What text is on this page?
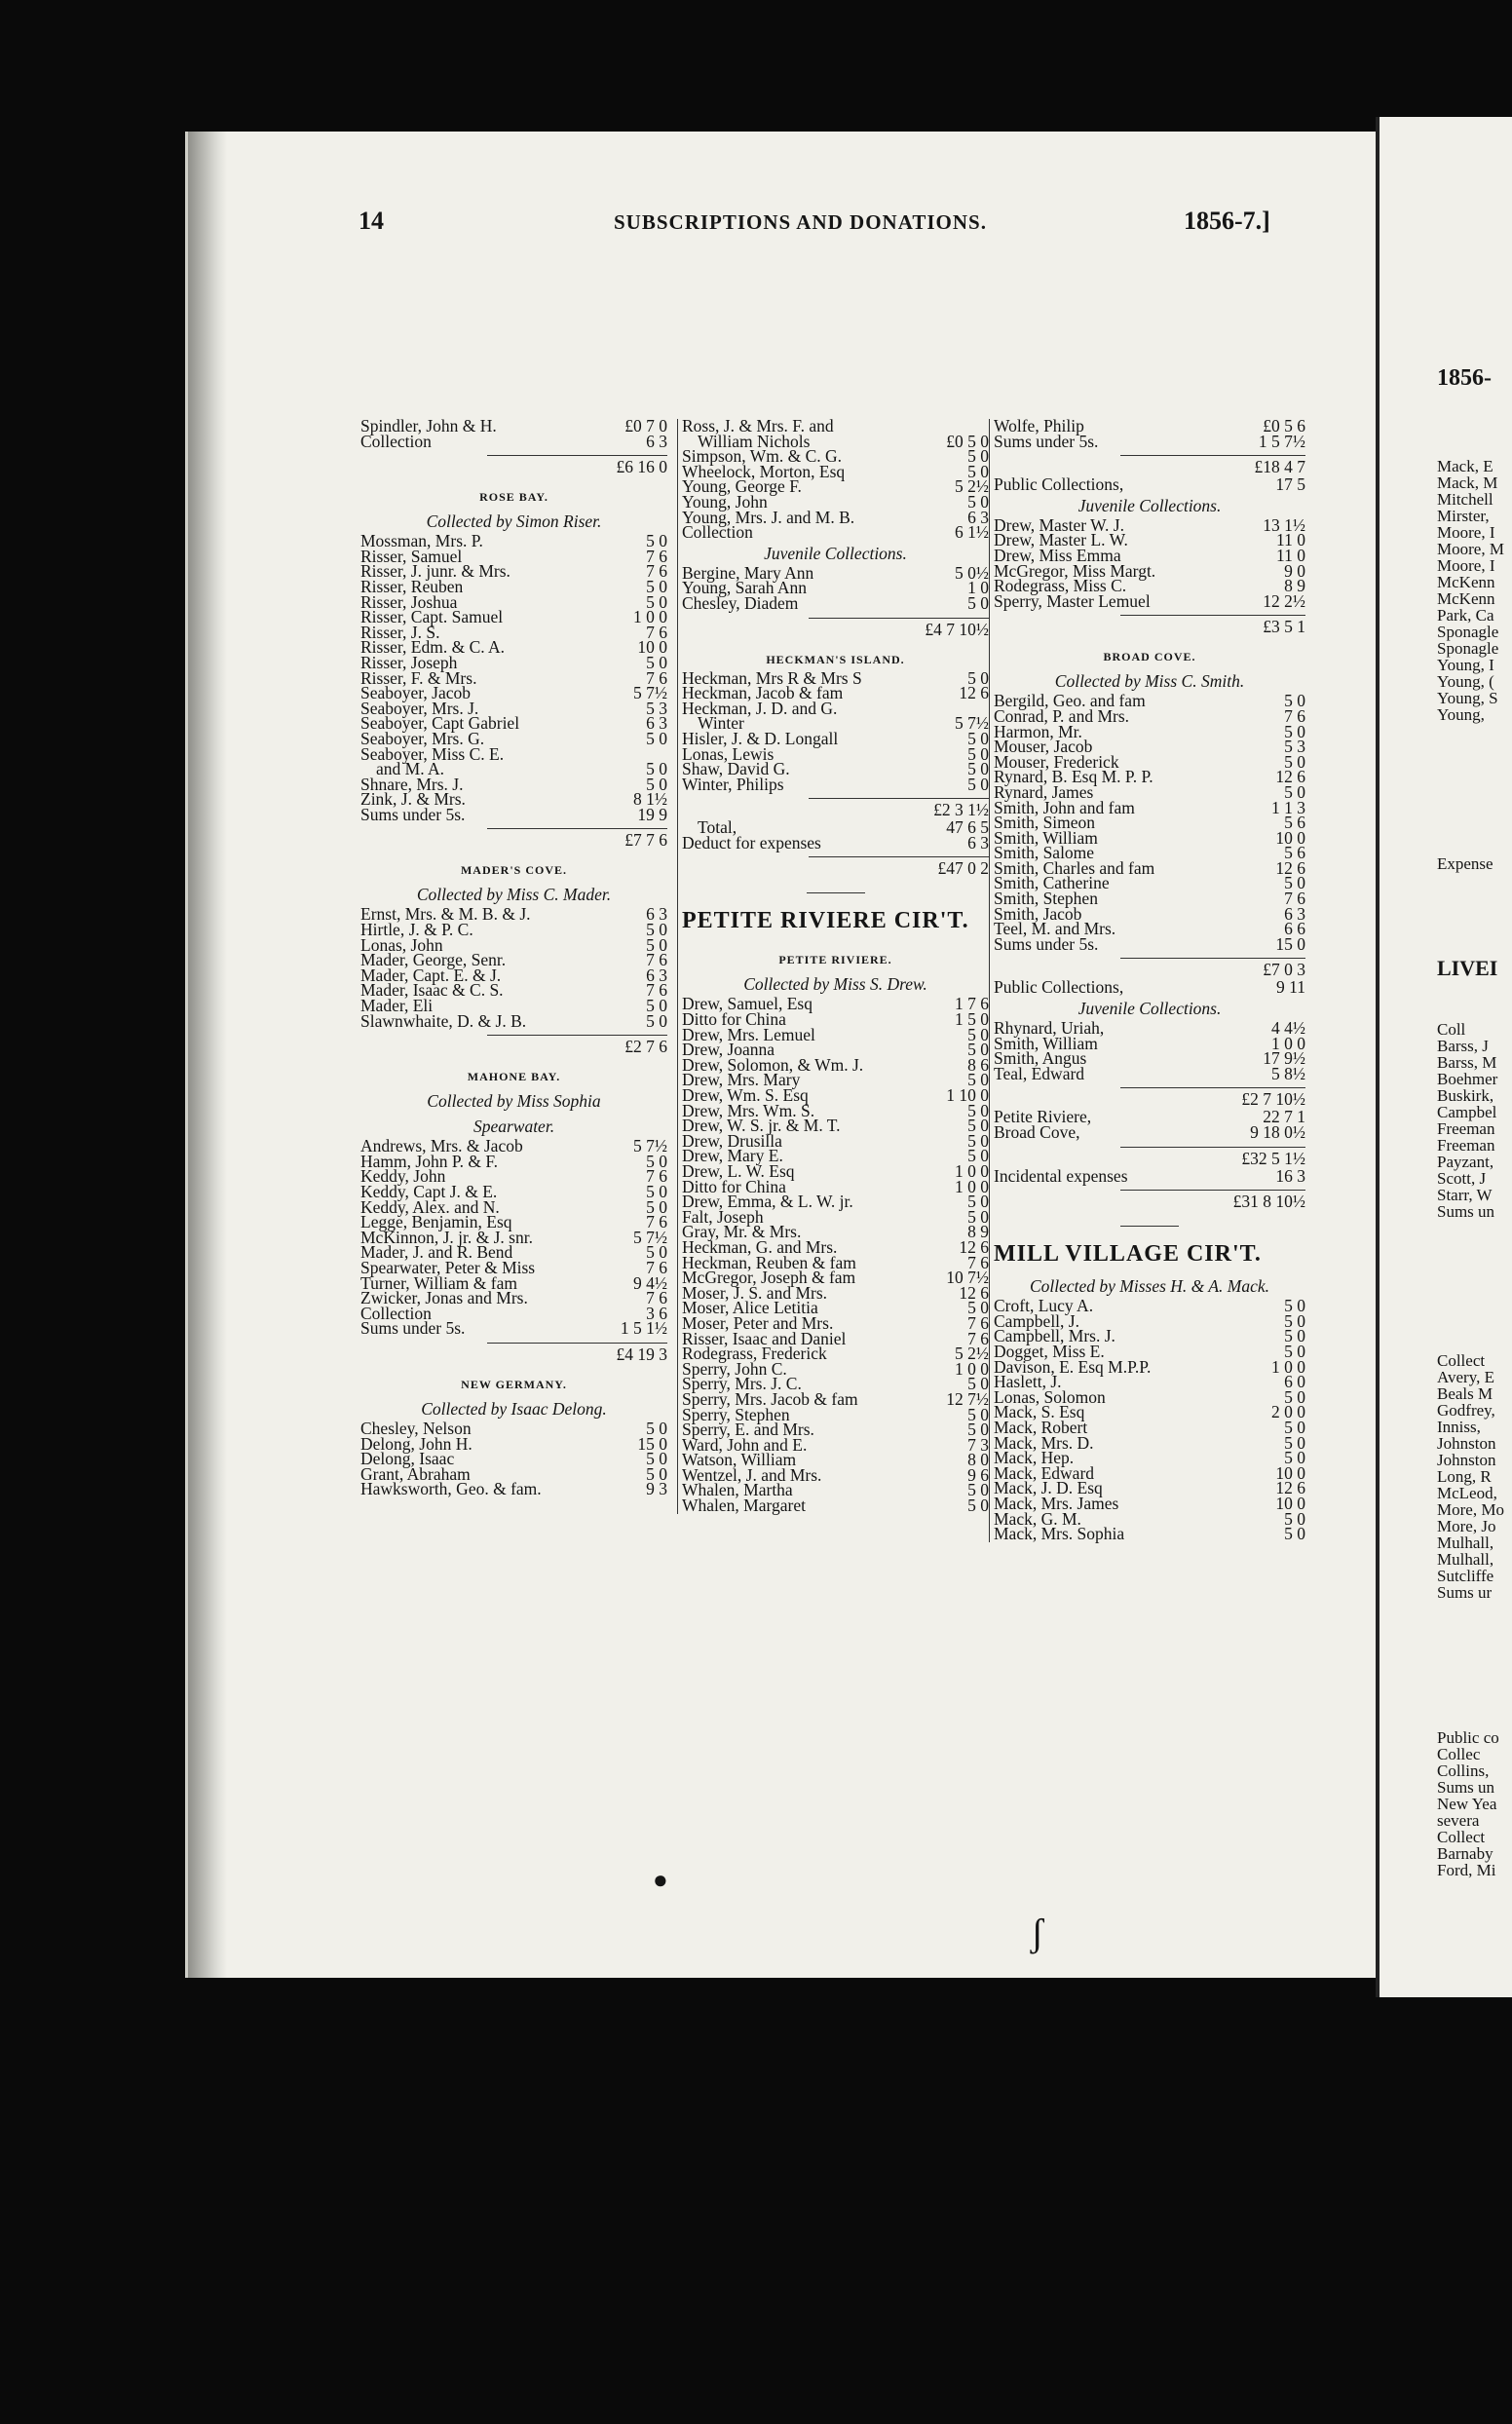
14	SUBSCRIPTIONS AND DONATIONS.	1856-7.]
1856-
Mack, E
Mack, M
Mitchell
Mirster,
Moore, I
Moore, M
Moore, I
McKenn
McKenn
Park, Ca
Sponagle
Sponagle
Young, I
Young, (
Young, S
Young,
Expense
LIVEI
Coll
Barss, J
Barss, M
Boehmer
Buskirk,
Campbel
Freeman
Freeman
Payzant,
Scott, J
Starr, W
Sums un
Collect
Avery, E
Beals M
Godfrey,
Inniss,
Johnston
Johnston
Long, R
McLeod,
More, Mo
More, Jo
Mulhall,
Mulhall,
Sutcliffe
Sums ur
Public co
Collec
Collins,
Sums un
New Yea
severa
Collect
Barnaby
Ford, Mi
Spindler, John & H.	£0 7 0
Collection	6 3
£6 16 0
ROSE BAY.
Collected by Simon Riser.
Mossman, Mrs. P.	5 0
Risser, Samuel	7 6
Risser, J. junr. & Mrs.	7 6
Risser, Reuben	5 0
Risser, Joshua	5 0
Risser, Capt. Samuel	1 0 0
Risser, J. S.	7 6
Risser, Edm. & C. A.	10 0
Risser, Joseph	5 0
Risser, F. & Mrs.	7 6
Seaboyer, Jacob	5 7½
Seaboyer, Mrs. J.	5 3
Seaboyer, Capt Gabriel	6 3
Seaboyer, Mrs. G.	5 0
Seaboyer, Miss C. E.
and M. A.	5 0
Shnare, Mrs. J.	5 0
Zink, J. & Mrs.	8 1½
Sums under 5s.	19 9
£7 7 6
MADER'S COVE.
Collected by Miss C. Mader.
Ernst, Mrs. & M. B. & J.	6 3
Hirtle, J. & P. C.	5 0
Lonas, John	5 0
Mader, George, Senr.	7 6
Mader, Capt. E. & J.	6 3
Mader, Isaac & C. S.	7 6
Mader, Eli	5 0
Slawnwhaite, D. & J. B.	5 0
£2 7 6
MAHONE BAY.
Collected by Miss Sophia
Spearwater.
Andrews, Mrs. & Jacob	5 7½
Hamm, John P. & F.	5 0
Keddy, John	7 6
Keddy, Capt J. & E.	5 0
Keddy, Alex. and N.	5 0
Legge, Benjamin, Esq	7 6
McKinnon, J. jr. & J. snr.	5 7½
Mader, J. and R. Bend	5 0
Spearwater, Peter & Miss	7 6
Turner, William & fam	9 4½
Zwicker, Jonas and Mrs.	7 6
Collection	3 6
Sums under 5s.	1 5 1½
£4 19 3
NEW GERMANY.
Collected by Isaac Delong.
Chesley, Nelson	5 0
Delong, John H.	15 0
Delong, Isaac	5 0
Grant, Abraham	5 0
Hawksworth, Geo. & fam.	9 3
Ross, J. & Mrs. F. and
William Nichols	£0 5 0
Simpson, Wm. & C. G.	5 0
Wheelock, Morton, Esq	5 0
Young, George F.	5 2½
Young, John	5 0
Young, Mrs. J. and M. B.	6 3
Collection	6 1½
Juvenile Collections.
Bergine, Mary Ann	5 0½
Young, Sarah Ann	1 0
Chesley, Diadem	5 0
£4 7 10½
HECKMAN'S ISLAND.
Heckman, Mrs R & Mrs S	5 0
Heckman, Jacob & fam	12 6
Heckman, J. D. and G.
Winter	5 7½
Hisler, J. & D. Longall	5 0
Lonas, Lewis	5 0
Shaw, David G.	5 0
Winter, Philips	5 0
£2 3 1½
Total,	47 6 5
Deduct for expenses	6 3
£47 0 2
PETITE RIVIERE CIR'T.
PETITE RIVIERE.
Collected by Miss S. Drew.
Drew, Samuel, Esq	1 7 6
Ditto for China	1 5 0
Drew, Mrs. Lemuel	5 0
Drew, Joanna	5 0
Drew, Solomon, & Wm. J.	8 6
Drew, Mrs. Mary	5 0
Drew, Wm. S. Esq	1 10 0
Drew, Mrs. Wm. S.	5 0
Drew, W. S. jr. & M. T.	5 0
Drew, Drusilla	5 0
Drew, Mary E.	5 0
Drew, L. W. Esq	1 0 0
Ditto for China	1 0 0
Drew, Emma, & L. W. jr.	5 0
Falt, Joseph	5 0
Gray, Mr. & Mrs.	8 9
Heckman, G. and Mrs.	12 6
Heckman, Reuben & fam	7 6
McGregor, Joseph & fam	10 7½
Moser, J. S. and Mrs.	12 6
Moser, Alice Letitia	5 0
Moser, Peter and Mrs.	7 6
Risser, Isaac and Daniel	7 6
Rodegrass, Frederick	5 2½
Sperry, John C.	1 0 0
Sperry, Mrs. J. C.	5 0
Sperry, Mrs. Jacob & fam	12 7½
Sperry, Stephen	5 0
Sperry, E. and Mrs.	5 0
Ward, John and E.	7 3
Watson, William	8 0
Wentzel, J. and Mrs.	9 6
Whalen, Martha	5 0
Whalen, Margaret	5 0
Wolfe, Philip	£0 5 6
Sums under 5s.	1 5 7½
£18 4 7
Public Collections,	17 5
Juvenile Collections.
Drew, Master W. J.	13 1½
Drew, Master L. W.	11 0
Drew, Miss Emma	11 0
McGregor, Miss Margt.	9 0
Rodegrass, Miss C.	8 9
Sperry, Master Lemuel	12 2½
£3 5 1
BROAD COVE.
Collected by Miss C. Smith.
Bergild, Geo. and fam	5 0
Conrad, P. and Mrs.	7 6
Harmon, Mr.	5 0
Mouser, Jacob	5 3
Mouser, Frederick	5 0
Rynard, B. Esq M. P. P.	12 6
Rynard, James	5 0
Smith, John and fam	1 1 3
Smith, Simeon	5 6
Smith, William	10 0
Smith, Salome	5 6
Smith, Charles and fam	12 6
Smith, Catherine	5 0
Smith, Stephen	7 6
Smith, Jacob	6 3
Teel, M. and Mrs.	6 6
Sums under 5s.	15 0
£7 0 3
Public Collections,	9 11
Juvenile Collections.
Rhynard, Uriah,	4 4½
Smith, William	1 0 0
Smith, Angus	17 9½
Teal, Edward	5 8½
£2 7 10½
Petite Riviere,	22 7 1
Broad Cove,	9 18 0½
£32 5 1½
Incidental expenses	16 3
£31 8 10½
MILL VILLAGE CIR'T.
Collected by Misses H. & A. Mack.
Croft, Lucy A.	5 0
Campbell, J.	5 0
Campbell, Mrs. J.	5 0
Dogget, Miss E.	5 0
Davison, E. Esq M.P.P.	1 0 0
Haslett, J.	6 0
Lonas, Solomon	5 0
Mack, S. Esq	2 0 0
Mack, Robert	5 0
Mack, Mrs. D.	5 0
Mack, Hep.	5 0
Mack, Edward	10 0
Mack, J. D. Esq	12 6
Mack, Mrs. James	10 0
Mack, G. M.	5 0
Mack, Mrs. Sophia	5 0
●
ʃ
